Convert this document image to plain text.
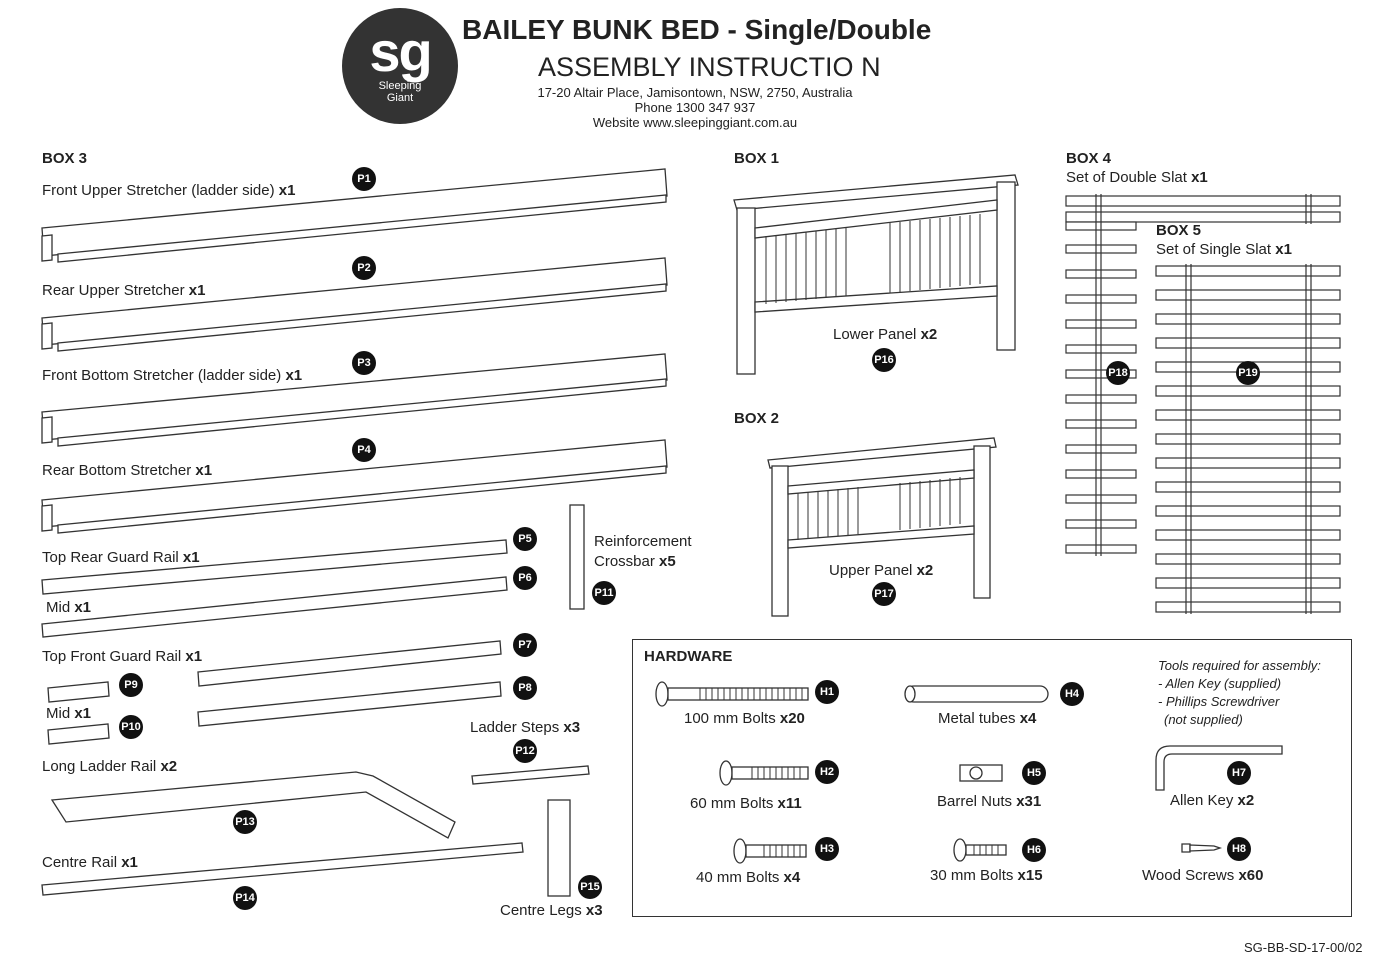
sg
Sleeping Giant
BAILEY BUNK BED - Single/Double
ASSEMBLY INSTRUCTIO N
17-20 Altair Place, Jamisontown, NSW, 2750, Australia
Phone 1300 347 937
Website www.sleepinggiant.com.au
BOX 3	BOX 1
BOX 2
BOX 4
BOX 5
Front Upper Stretcher (ladder side) x1
Rear Upper Stretcher x1
Front Bottom Stretcher (ladder side) x1
Rear Bottom Stretcher x1
Top Rear Guard Rail x1
Mid x1
Top Front Guard Rail x1
Mid x1
Reinforcement
Crossbar x5
Ladder Steps x3
Long Ladder Rail x2
Centre Rail x1
Centre Legs x3
Lower Panel x2
Upper Panel x2
Set of Double Slat x1
Set of Single Slat x1
P1
P2
P3
P4
P5
P6
P7
P8
P9
P10
P11
P12
P13
P14
P15
P16
P17
P18	P19
HARDWARE
100 mm Bolts x20
60 mm Bolts x11
40 mm Bolts x4
Metal tubes x4
Barrel Nuts x31
30 mm Bolts x15
Allen Key x2
Wood Screws x60
H1
H2
H3
H4
H5
H6
H7
H8
Tools required for assembly:
- Allen Key (supplied)
- Phillips Screwdriver
(not supplied)
SG-BB-SD-17-00/02
